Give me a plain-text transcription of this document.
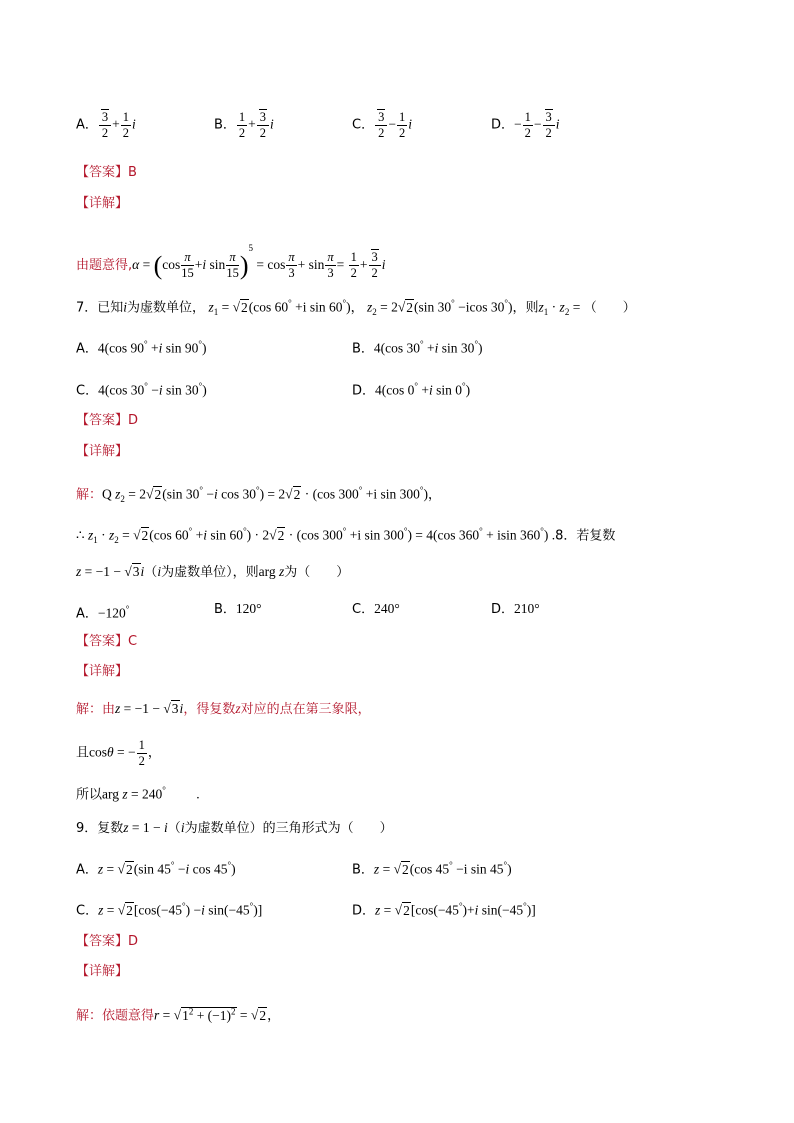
A． $\frac{3}{2} + \frac{1}{2}$ i	B． $\frac{1}{2} + \frac{3}{2}$ i	C． $\frac{3}{2} - \frac{1}{2}$ i	D．− $\frac{1}{2} - \frac{3}{2}$ i
【答案】B
【详解】
由题意得$,\alpha = (\cos \frac{\pi}{15} +i$ $\sin \frac{\pi}{15} )^5 = \cos \frac{\pi}{3} + \sin \frac{\pi}{3} = \frac{1}{2} + \frac{3}{2}$ i
7．已知i为虚数单位， $z_1 = √2(\cos$ 60° +i sin 60°)， $z_2 = 2√2(\sin$ 30° −icos 30°)，则$z_1 \cdot z_2$ = （　　）
A．4(cos 90° +i sin 90°)	B．4(cos 30° +i sin 30°)
C．4(cos 30° −i sin 30°)	D．4(cos 0° +i sin 0°)
【答案】D
【详解】
解：Q $z_2 = 2√2(\sin$ 30° −i cos 30°) = 2√2 · (cos 300° +i sin 300°)，
∴ $z_1 \cdot z_2 = √2(\cos$ 60° +i sin 60°) · 2√2 · (cos 300° +i sin 300°) = 4(cos 360° + isin 360°) .8．若复数
z = −1 − √3i（i为虚数单位），则arg z为（　　）
A．−120°	B．120°	C．240°	D．210°
【答案】C
【详解】
解：由z = −1 − √3i，得复数z对应的点在第三象限，
且cosθ = − $\frac{1}{2}$ ，
所以arg z = 240°　　 .
9．复数z = 1 − i（i为虚数单位）的三角形式为（　　）
A．z = √2(sin 45° −i cos 45°)	B．z = √2(cos 45° −i sin 45°)
C．z = √2[cos(−45°) −i sin(−45°)]	D．z = √2[cos(−45°)+i sin(−45°)]
【答案】D
【详解】
解：依题意得$r = √1^2 + (-1)^2 = √2$，
